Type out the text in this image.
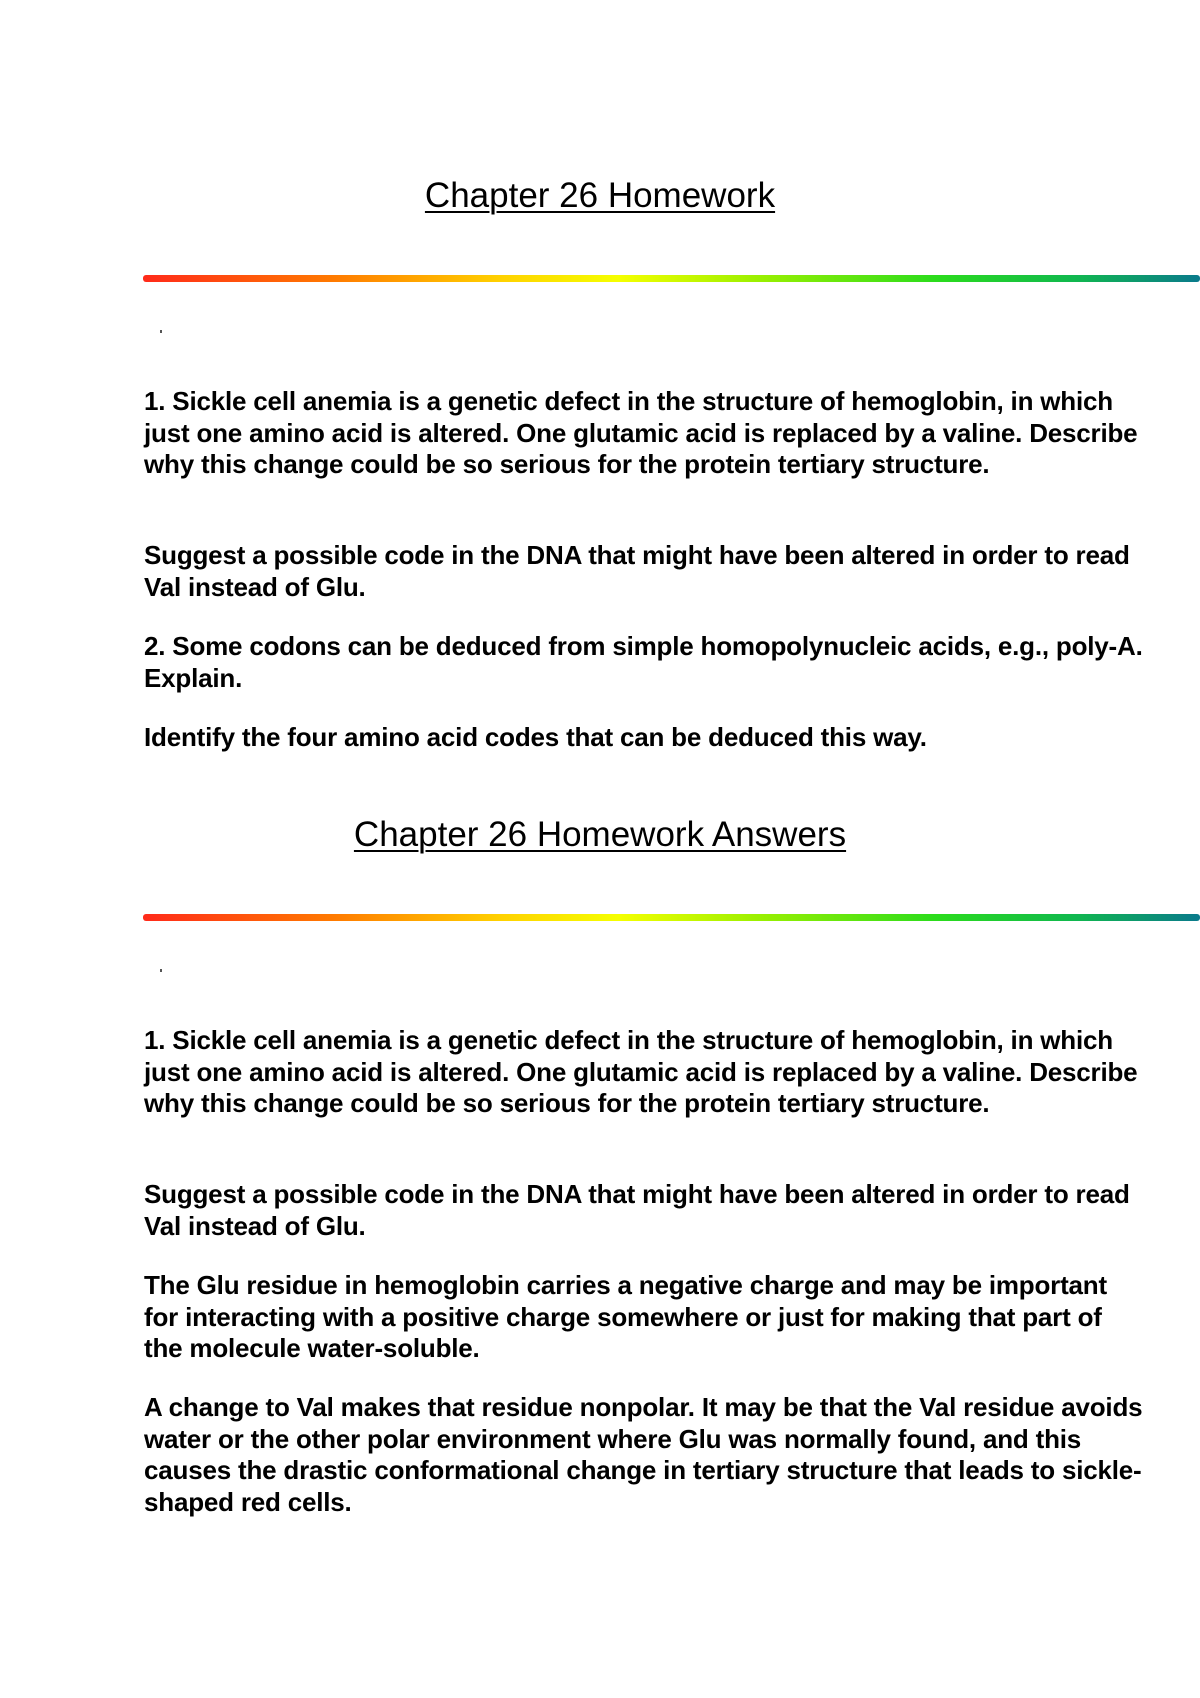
Chapter 26 Homework

1. Sickle cell anemia is a genetic defect in the structure of hemoglobin, in which just one amino acid is altered. One glutamic acid is replaced by a valine. Describe why this change could be so serious for the protein tertiary structure.

Suggest a possible code in the DNA that might have been altered in order to read Val instead of Glu.

2. Some codons can be deduced from simple homopolynucleic acids, e.g., poly-A. Explain.

Identify the four amino acid codes that can be deduced this way.

Chapter 26 Homework Answers

1. Sickle cell anemia is a genetic defect in the structure of hemoglobin, in which just one amino acid is altered. One glutamic acid is replaced by a valine. Describe why this change could be so serious for the protein tertiary structure.

Suggest a possible code in the DNA that might have been altered in order to read Val instead of Glu.

The Glu residue in hemoglobin carries a negative charge and may be important for interacting with a positive charge somewhere or just for making that part of the molecule water-soluble.

A change to Val makes that residue nonpolar. It may be that the Val residue avoids water or the other polar environment where Glu was normally found, and this causes the drastic conformational change in tertiary structure that leads to sickle-shaped red cells.
